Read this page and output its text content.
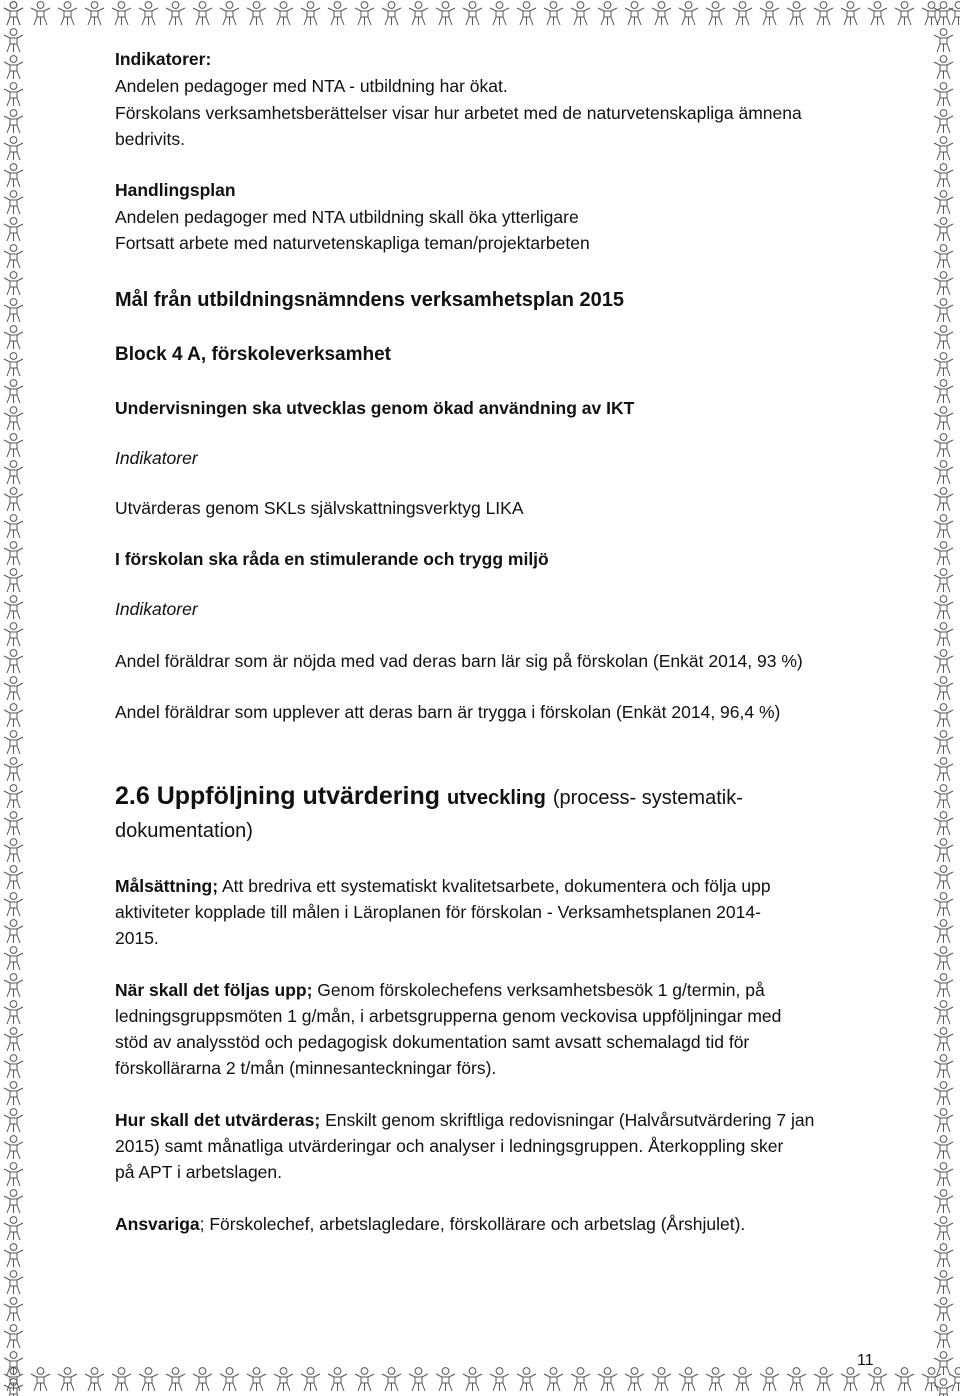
Indikatorer:
Andelen pedagoger med NTA - utbildning har ökat.
Förskolans verksamhetsberättelser visar hur arbetet med de naturvetenskapliga ämnena
bedrivits.
Handlingsplan
Andelen pedagoger med NTA utbildning skall öka ytterligare
Fortsatt arbete med naturvetenskapliga teman/projektarbeten
Mål från utbildningsnämndens verksamhetsplan 2015
Block 4 A, förskoleverksamhet
Undervisningen ska utvecklas genom ökad användning av IKT
Indikatorer
Utvärderas genom SKLs självskattningsverktyg LIKA
I förskolan ska råda en stimulerande och trygg miljö
Indikatorer
Andel föräldrar som är nöjda med vad deras barn lär sig på förskolan (Enkät 2014, 93 %)
Andel föräldrar som upplever att deras barn är trygga i förskolan (Enkät 2014, 96,4 %)
2.6 Uppföljning utvärdering utveckling (process- systematik-
dokumentation)
Målsättning; Att bredriva ett systematiskt kvalitetsarbete, dokumentera och följa upp
aktiviteter kopplade till målen i Läroplanen för förskolan - Verksamhetsplanen 2014-
2015.
När skall det följas upp; Genom förskolechefens verksamhetsbesök 1 g/termin, på
ledningsgruppsmöten 1 g/mån, i arbetsgrupperna genom veckovisa uppföljningar med
stöd av analysstöd och pedagogisk dokumentation samt avsatt schemalagd tid för
förskollärarna 2 t/mån (minnesanteckningar förs).
Hur skall det utvärderas; Enskilt genom skriftliga redovisningar (Halvårsutvärdering 7 jan
2015) samt månatliga utvärderingar och analyser i ledningsgruppen. Återkoppling sker
på APT i arbetslagen.
Ansvariga; Förskolechef, arbetslagledare, förskollärare och arbetslag (Årshjulet).
11
